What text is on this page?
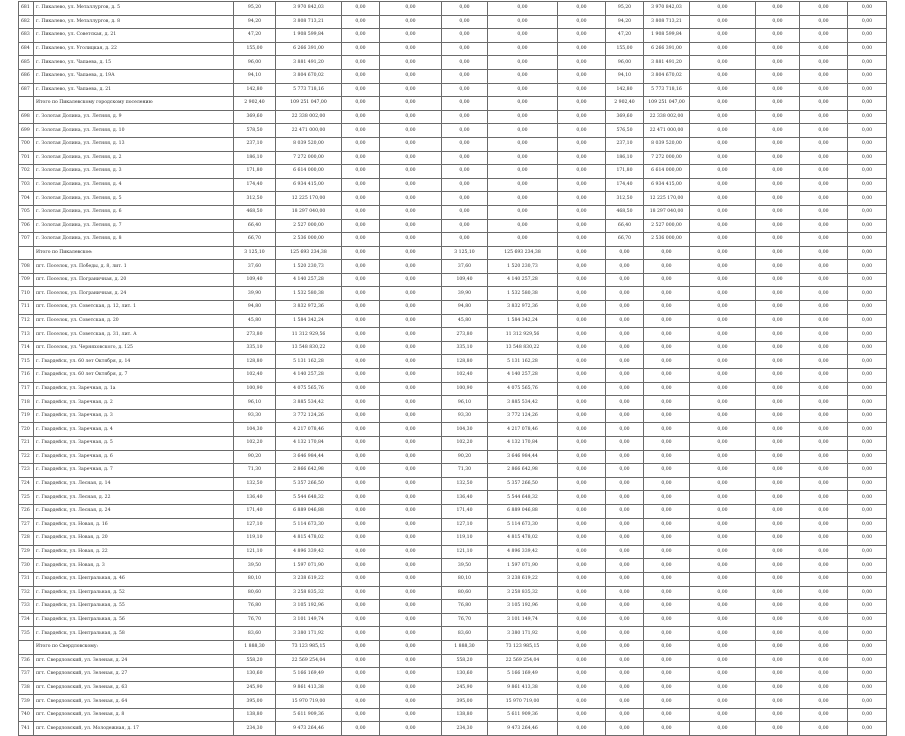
681	г. Пикалево, ул. Металлургов, д. 5	95,20	3 970 842,03	0,00	0,00	0,00	0,00	0,00	95,20	3 970 842,03	0,00	0,00	0,00	0,00
682	г. Пикалево, ул. Металлургов, д. 8	94,20	3 808 713,21	0,00	0,00	0,00	0,00	0,00	94,20	3 808 713,21	0,00	0,00	0,00	0,00
683	г. Пикалево, ул. Советская, д. 21	47,20	1 908 599,84	0,00	0,00	0,00	0,00	0,00	47,20	1 908 599,84	0,00	0,00	0,00	0,00
684	г. Пикалево, ул. Уголицкая, д. 22	155,00	6 266 391,00	0,00	0,00	0,00	0,00	0,00	155,00	6 266 391,00	0,00	0,00	0,00	0,00
685	г. Пикалево, ул. Чапаева, д. 15	96,00	3 881 491,20	0,00	0,00	0,00	0,00	0,00	96,00	3 881 491,20	0,00	0,00	0,00	0,00
686	г. Пикалево, ул. Чапаева, д. 19А	94,10	3 804 670,02	0,00	0,00	0,00	0,00	0,00	94,10	3 804 670,02	0,00	0,00	0,00	0,00
687	г. Пикалево, ул. Чапаева, д. 21	142,80	5 773 718,16	0,00	0,00	0,00	0,00	0,00	142,80	5 773 718,16	0,00	0,00	0,00	0,00
	Итого по Пикалевскому городскому поселению	2 902,40	109 251 047,00	0,00	0,00	0,00	0,00	0,00	2 902,40	109 251 047,00	0,00	0,00	0,00	0,00
698	г. Золотая Долина, ул. Летняя, д. 9	369,60	22 338 002,00	0,00	0,00	0,00	0,00	0,00	369,60	22 338 002,00	0,00	0,00	0,00	0,00
699	г. Золотая Долина, ул. Летняя, д. 10	578,50	22 471 000,00	0,00	0,00	0,00	0,00	0,00	576,50	22 471 000,00	0,00	0,00	0,00	0,00
700	г. Золотая Долина, ул. Летняя, д. 13	237,10	8 039 520,00	0,00	0,00	0,00	0,00	0,00	237,10	8 039 520,00	0,00	0,00	0,00	0,00
701	г. Золотая Долина, ул. Летняя, д. 2	186,10	7 272 000,00	0,00	0,00	0,00	0,00	0,00	186,10	7 272 000,00	0,00	0,00	0,00	0,00
702	г. Золотая Долина, ул. Летняя, д. 3	171,80	6 614 000,00	0,00	0,00	0,00	0,00	0,00	171,80	6 614 000,00	0,00	0,00	0,00	0,00
703	г. Золотая Долина, ул. Летняя, д. 4	174,40	6 934 415,00	0,00	0,00	0,00	0,00	0,00	174,40	6 934 415,00	0,00	0,00	0,00	0,00
704	г. Золотая Долина, ул. Летняя, д. 5	312,50	12 225 170,00	0,00	0,00	0,00	0,00	0,00	312,50	12 225 170,00	0,00	0,00	0,00	0,00
705	г. Золотая Долина, ул. Летняя, д. 6	468,50	18 297 040,00	0,00	0,00	0,00	0,00	0,00	468,50	18 297 040,00	0,00	0,00	0,00	0,00
706	г. Золотая Долина, ул. Летняя, д. 7	66,40	2 527 000,00	0,00	0,00	0,00	0,00	0,00	66,40	2 527 000,00	0,00	0,00	0,00	0,00
707	г. Золотая Долина, ул. Летняя, д. 8	66,70	2 536 000,00	0,00	0,00	0,00	0,00	0,00	66,70	2 536 000,00	0,00	0,00	0,00	0,00
	Итого по Пикалевское:	3 125,10	125 693 234,38	0,00	0,00	3 125,10	125 693 234,38	0,00	0,00	0,00	0,00	0,00	0,00	0,00
708	пгт. Поселок, ул. Победы, д. 8, лит. 1	37,60	1 520 230,73	0,00	0,00	37,60	1 520 230,73	0,00	0,00	0,00	0,00	0,00	0,00	0,00
709	пгт. Поселок, ул. Пограничная, д. 20	109,40	4 140 257,28	0,00	0,00	109,40	4 140 257,28	0,00	0,00	0,00	0,00	0,00	0,00	0,00
710	пгт. Поселок, ул. Пограничная, д. 24	39,90	1 532 580,38	0,00	0,00	39,90	1 532 580,38	0,00	0,00	0,00	0,00	0,00	0,00	0,00
711	пгт. Поселок, ул. Советская, д. 12, лит. 1	94,80	3 832 972,36	0,00	0,00	94,80	3 832 972,36	0,00	0,00	0,00	0,00	0,00	0,00	0,00
712	пгт. Поселок, ул. Советская, д. 20	45,80	1 584 342,24	0,00	0,00	45,80	1 584 342,24	0,00	0,00	0,00	0,00	0,00	0,00	0,00
713	пгт. Поселок, ул. Советская, д. 31, лит. А	273,80	11 312 929,56	0,00	0,00	273,80	11 312 929,56	0,00	0,00	0,00	0,00	0,00	0,00	0,00
714	пгт. Поселок, ул. Черняховского, д. 125	335,10	13 548 830,22	0,00	0,00	335,10	13 548 830,22	0,00	0,00	0,00	0,00	0,00	0,00	0,00
715	г. Гвардейск, ул. 60 лет Октября, д. 14	128,80	5 131 162,28	0,00	0,00	128,80	5 131 162,28	0,00	0,00	0,00	0,00	0,00	0,00	0,00
716	г. Гвардейск, ул. 60 лет Октября, д. 7	102,40	4 140 257,28	0,00	0,00	102,40	4 140 257,28	0,00	0,00	0,00	0,00	0,00	0,00	0,00
717	г. Гвардейск, ул. Заречная, д. 1а	100,90	4 075 565,76	0,00	0,00	100,90	4 075 565,76	0,00	0,00	0,00	0,00	0,00	0,00	0,00
718	г. Гвардейск, ул. Заречная, д. 2	96,10	3 885 534,42	0,00	0,00	96,10	3 885 534,42	0,00	0,00	0,00	0,00	0,00	0,00	0,00
719	г. Гвардейск, ул. Заречная, д. 3	93,30	3 772 124,26	0,00	0,00	93,30	3 772 124,26	0,00	0,00	0,00	0,00	0,00	0,00	0,00
720	г. Гвардейск, ул. Заречная, д. 4	104,30	4 217 078,46	0,00	0,00	104,30	4 217 078,46	0,00	0,00	0,00	0,00	0,00	0,00	0,00
721	г. Гвардейск, ул. Заречная, д. 5	102,20	4 132 170,84	0,00	0,00	102,20	4 132 170,84	0,00	0,00	0,00	0,00	0,00	0,00	0,00
722	г. Гвардейск, ул. Заречная, д. 6	90,20	3 646 984,44	0,00	0,00	90,20	3 646 984,44	0,00	0,00	0,00	0,00	0,00	0,00	0,00
723	г. Гвардейск, ул. Заречная, д. 7	71,30	2 866 642,98	0,00	0,00	71,30	2 866 642,98	0,00	0,00	0,00	0,00	0,00	0,00	0,00
724	г. Гвардейск, ул. Лесная, д. 14	132,50	5 357 266,50	0,00	0,00	132,50	5 357 266,50	0,00	0,00	0,00	0,00	0,00	0,00	0,00
725	г. Гвардейск, ул. Лесная, д. 22	136,40	5 544 648,32	0,00	0,00	136,40	5 544 648,32	0,00	0,00	0,00	0,00	0,00	0,00	0,00
726	г. Гвардейск, ул. Лесная, д. 24	171,40	6 889 046,88	0,00	0,00	171,40	6 889 046,88	0,00	0,00	0,00	0,00	0,00	0,00	0,00
727	г. Гвардейск, ул. Новая, д. 16	127,10	5 114 673,30	0,00	0,00	127,10	5 114 673,30	0,00	0,00	0,00	0,00	0,00	0,00	0,00
728	г. Гвардейск, ул. Новая, д. 20	119,10	4 815 478,02	0,00	0,00	119,10	4 815 478,02	0,00	0,00	0,00	0,00	0,00	0,00	0,00
729	г. Гвардейск, ул. Новая, д. 22	121,10	4 896 339,42	0,00	0,00	121,10	4 896 339,42	0,00	0,00	0,00	0,00	0,00	0,00	0,00
730	г. Гвардейск, ул. Новая, д. 3	39,50	1 597 071,90	0,00	0,00	39,50	1 597 071,90	0,00	0,00	0,00	0,00	0,00	0,00	0,00
731	г. Гвардейск, ул. Центральная, д. 46	80,10	3 238 619,22	0,00	0,00	80,10	3 238 619,22	0,00	0,00	0,00	0,00	0,00	0,00	0,00
732	г. Гвардейск, ул. Центральная, д. 52	80,60	3 258 835,32	0,00	0,00	80,60	3 258 835,32	0,00	0,00	0,00	0,00	0,00	0,00	0,00
733	г. Гвардейск, ул. Центральная, д. 55	76,80	3 105 192,96	0,00	0,00	76,80	3 105 192,96	0,00	0,00	0,00	0,00	0,00	0,00	0,00
734	г. Гвардейск, ул. Центральная, д. 56	76,70	3 101 149,74	0,00	0,00	76,70	3 101 149,74	0,00	0,00	0,00	0,00	0,00	0,00	0,00
735	г. Гвардейск, ул. Центральная, д. 58	83,60	3 380 171,92	0,00	0,00	83,60	3 380 171,92	0,00	0,00	0,00	0,00	0,00	0,00	0,00
	Итого по Свердловскому:	1 888,30	73 123 985,15	0,00	0,00	1 888,30	73 123 985,15	0,00	0,00	0,00	0,00	0,00	0,00	0,00
736	пгт. Свердловский, ул. Зеленая, д. 24	558,20	22 569 254,04	0,00	0,00	558,20	22 569 254,04	0,00	0,00	0,00	0,00	0,00	0,00	0,00
737	пгт. Свердловский, ул. Зеленая, д. 27	130,60	5 166 169,49	0,00	0,00	130,60	5 166 169,49	0,00	0,00	0,00	0,00	0,00	0,00	0,00
738	пгт. Свердловский, ул. Зеленая, д. 63	245,90	9 861 413,38	0,00	0,00	245,90	9 861 413,38	0,00	0,00	0,00	0,00	0,00	0,00	0,00
739	пгт. Свердловский, ул. Зеленая, д. 64	395,00	15 970 719,00	0,00	0,00	395,00	15 970 719,00	0,00	0,00	0,00	0,00	0,00	0,00	0,00
740	пгт. Свердловский, ул. Зеленая, д. 8	138,80	5 611 909,36	0,00	0,00	138,80	5 611 909,36	0,00	0,00	0,00	0,00	0,00	0,00	0,00
741	пгт. Свердловский, ул. Молодежная, д. 17	234,30	9 473 264,46	0,00	0,00	234,30	9 473 264,46	0,00	0,00	0,00	0,00	0,00	0,00	0,00
